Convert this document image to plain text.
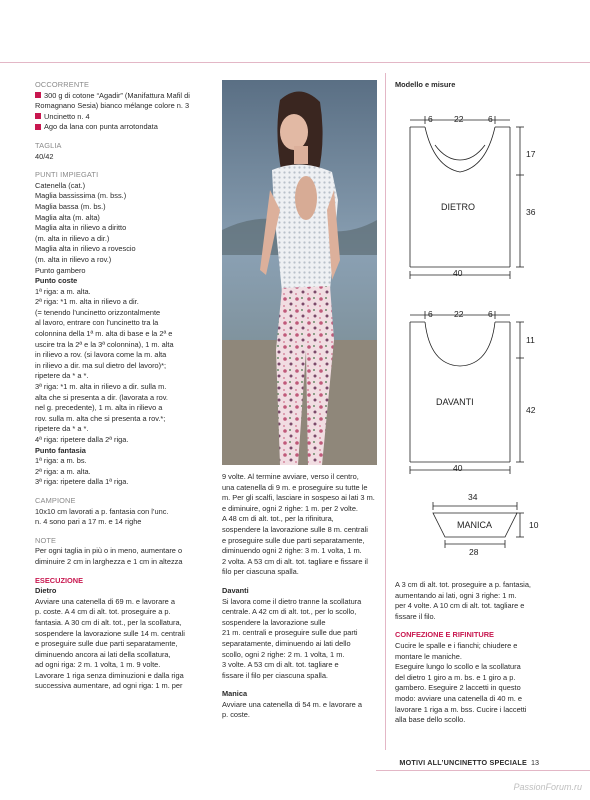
OCCORRENTE

300 g di cotone “Agadir” (Manifattura Mafil di Romagnano Sesia) bianco mélange colore n. 3

Uncinetto n. 4

Ago da lana con punta arrotondata

TAGLIA

40/42

PUNTI IMPIEGATI

Catenella (cat.)

Maglia bassissima (m. bss.)

Maglia bassa (m. bs.)

Maglia alta (m. alta)

Maglia alta in rilievo a diritto

(m. alta in rilievo a dir.)

Maglia alta in rilievo a rovescio

(m. alta in rilievo a rov.)

Punto gambero

Punto coste

1ª riga: a m. alta.

2ª riga: *1 m. alta in rilievo a dir.

(= tenendo l’uncinetto orizzontalmente

al lavoro, entrare con l’uncinetto tra la

colonnina della 1ª m. alta di base e la 2ª e

uscire tra la 2ª e la 3ª colonnina), 1 m. alta

in rilievo a rov. (si lavora come la m. alta

in rilievo a dir. ma sul dietro del lavoro)*;

ripetere da * a *.

3ª riga: *1 m. alta in rilievo a dir. sulla m.

alta che si presenta a dir. (lavorata a rov.

nel g. precedente), 1 m. alta in rilievo a

rov. sulla m. alta che si presenta a rov.*;

ripetere da * a *.

4ª riga: ripetere dalla 2ª riga.

Punto fantasia

1ª riga: a m. bs.

2ª riga: a m. alta.

3ª riga: ripetere dalla 1ª riga.

CAMPIONE

10x10 cm lavorati a p. fantasia con l’unc.

n. 4 sono pari a 17 m. e 14 righe

NOTE

Per ogni taglia in più o in meno, aumentare o

diminuire 2 cm in larghezza e 1 cm in altezza

ESECUZIONE

Dietro

Avviare una catenella di 69 m. e lavorare a

p. coste. A 4 cm di alt. tot. proseguire a p.

fantasia. A 30 cm di alt. tot., per la scollatura,

sospendere la lavorazione sulle 14 m. centrali

e proseguire sulle due parti separatamente,

diminuendo ancora ai lati della scollatura,

ad ogni riga: 2 m. 1 volta, 1 m. 9 volte.

Lavorare 1 riga senza diminuzioni e dalla riga

successiva aumentare, ad ogni riga: 1 m. per

9 volte. Al termine avviare, verso il centro,

una catenella di 9 m. e proseguire su tutte le

m. Per gli scalfi, lasciare in sospeso ai lati 3 m.

e diminuire, ogni 2 righe: 1 m. per 2 volte.

A 48 cm di alt. tot., per la rifinitura,

sospendere la lavorazione sulle 8 m. centrali

e proseguire sulle due parti separatamente,

diminuendo ogni 2 righe: 3 m. 1 volta, 1 m.

2 volta. A 53 cm di alt. tot. tagliare e fissare il

filo per ciascuna spalla.

Davanti

Si lavora come il dietro tranne la scollatura

centrale. A 42 cm di alt. tot., per lo scollo,

sospendere la lavorazione sulle

21 m. centrali e proseguire sulle due parti

separatamente, diminuendo ai lati dello

scollo, ogni 2 righe: 2 m. 1 volta, 1 m.

3 volte. A 53 cm di alt. tot. tagliare e

fissare il filo per ciascuna spalla.

Manica

Avviare una catenella di 54 m. e lavorare a

p. coste.

Modello e misure

6	22	6
DIETRO
40
17
36
6	22	6
DAVANTI
40
11
42
34
MANICA
28
10

A 3 cm di alt. tot. proseguire a p. fantasia,

aumentando ai lati, ogni 3 righe: 1 m.

per 4 volte. A 10 cm di alt. tot. tagliare e

fissare il filo.

CONFEZIONE E RIFINITURE

Cucire le spalle e i fianchi; chiudere e

montare le maniche.

Eseguire lungo lo scollo e la scollatura

del dietro 1 giro a m. bs. e 1 giro a p.

gambero. Eseguire 2 laccetti in questo

modo: avviare una catenella di 40 m. e

lavorare 1 riga a m. bss. Cucire i laccetti

alla base dello scollo.

MOTIVI ALL’UNCINETTO SPECIALE 13
PassionForum.ru
